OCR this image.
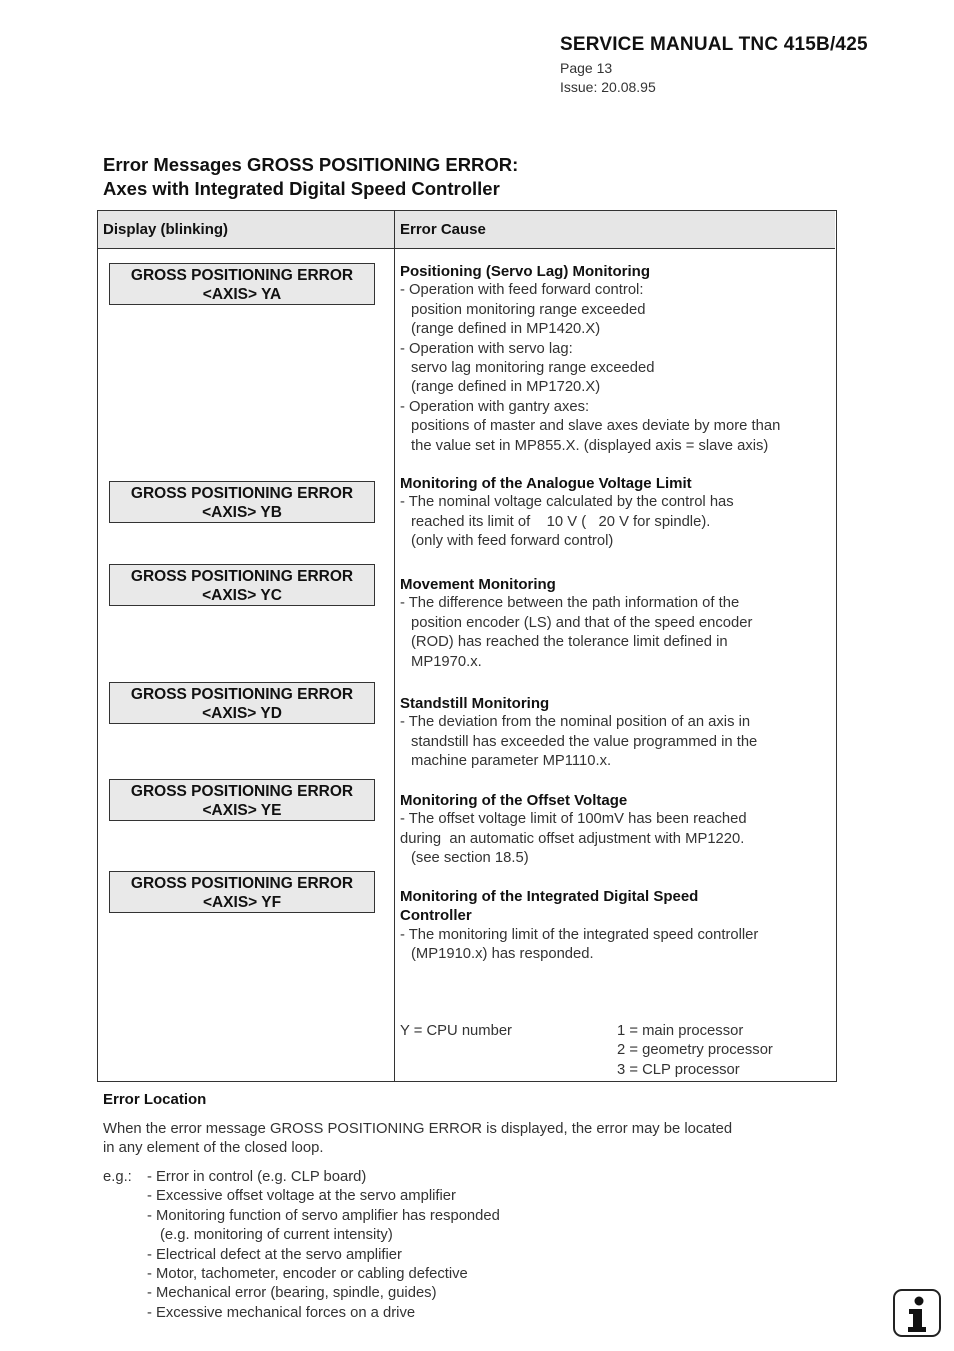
SERVICE MANUAL TNC 415B/425
Page 13
Issue: 20.08.95
Error Messages GROSS POSITIONING ERROR:
Axes with Integrated Digital Speed Controller
Display (blinking)	Error Cause
GROSS POSITIONING ERROR
<AXIS> YA
GROSS POSITIONING ERROR
<AXIS> YB
GROSS POSITIONING ERROR
<AXIS> YC
GROSS POSITIONING ERROR
<AXIS> YD
GROSS POSITIONING ERROR
<AXIS> YE
GROSS POSITIONING ERROR
<AXIS> YF
Positioning (Servo Lag) Monitoring
- Operation with feed forward control:
position monitoring range exceeded
(range defined in MP1420.X)
- Operation with servo lag:
servo lag monitoring range exceeded
(range defined in MP1720.X)
- Operation with gantry axes:
positions of master and slave axes deviate by more than
the value set in MP855.X. (displayed axis = slave axis)
Monitoring of the Analogue Voltage Limit
- The nominal voltage calculated by the control has
reached its limit of    10 V (   20 V for spindle).
(only with feed forward control)
Movement Monitoring
- The difference between the path information of the
position encoder (LS) and that of the speed encoder
(ROD) has reached the tolerance limit defined in
MP1970.x.
Standstill Monitoring
- The deviation from the nominal position of an axis in
standstill has exceeded the value programmed in the
machine parameter MP1110.x.
Monitoring of the Offset Voltage
- The offset voltage limit of 100mV has been reached
during  an automatic offset adjustment with MP1220.
(see section 18.5)
Monitoring of the Integrated Digital Speed
Controller
- The monitoring limit of the integrated speed controller
(MP1910.x) has responded.
Y = CPU number	1 = main processor
2 = geometry processor
3 = CLP processor
Error Location
When the error message GROSS POSITIONING ERROR is displayed, the error may be located
in any element of the closed loop.
e.g.: - Error in control (e.g. CLP board)
- Excessive offset voltage at the servo amplifier
- Monitoring function of servo amplifier has responded
(e.g. monitoring of current intensity)
- Electrical defect at the servo amplifier
- Motor, tachometer, encoder or cabling defective
- Mechanical error (bearing, spindle, guides)
- Excessive mechanical forces on a drive
